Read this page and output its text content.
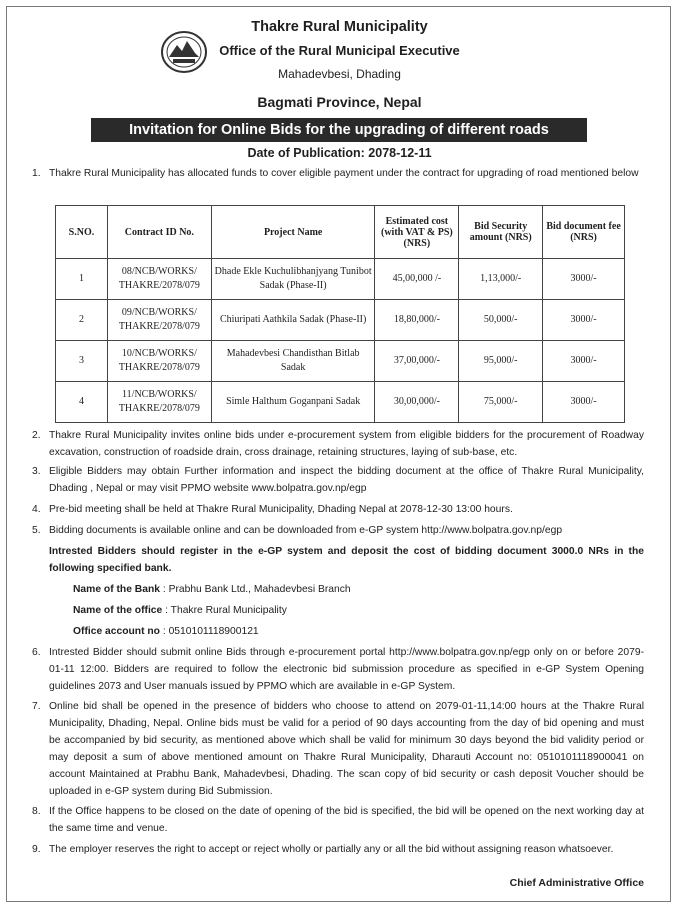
Thakre Rural Municipality
Office of the Rural Municipal Executive
Mahadevbesi, Dhading
Bagmati Province, Nepal
Invitation for Online Bids for the upgrading of different roads
Date of Publication: 2078-12-11
1. Thakre Rural Municipality has allocated funds to cover eligible payment under the contract for upgrading of road mentioned below
S.NO.	Contract ID No.	Project Name	Estimated cost (with VAT & PS) (NRS)	Bid Security amount (NRS)	Bid document fee (NRS)
1	08/NCB/WORKS/ THAKRE/2078/079	Dhade Ekle Kuchulibhanjyang Tunibot Sadak (Phase-II)	45,00,000 /-	1,13,000/-	3000/-
2	09/NCB/WORKS/ THAKRE/2078/079	Chiuripati Aathkila Sadak (Phase-II)	18,80,000/-	50,000/-	3000/-
3	10/NCB/WORKS/ THAKRE/2078/079	Mahadevbesi Chandisthan Bitlab Sadak	37,00,000/-	95,000/-	3000/-
4	11/NCB/WORKS/ THAKRE/2078/079	Simle Halthum Goganpani Sadak	30,00,000/-	75,000/-	3000/-
2. Thakre Rural Municipality invites online bids under e-procurement system from eligible bidders for the procurement of Roadway excavation, construction of roadside drain, cross drainage, retaining structures, laying of sub-base, etc.
3. Eligible Bidders may obtain Further information and inspect the bidding document at the office of Thakre Rural Municipality, Dhading , Nepal or may visit PPMO website www.bolpatra.gov.np/egp
4. Pre-bid meeting shall be held at Thakre Rural Municipality, Dhading Nepal at 2078-12-30 13:00 hours.
5. Bidding documents is available online and can be downloaded from e-GP system http://www.bolpatra.gov.np/egp
Intrested Bidders should register in the e-GP system and deposit the cost of bidding document 3000.0 NRs in the following specified bank.
Name of the Bank : Prabhu Bank Ltd., Mahadevbesi Branch
Name of the office : Thakre Rural Municipality
Office account no : 0510101118900121
6. Intrested Bidder should submit online Bids through e-procurement portal http://www.bolpatra.gov.np/egp only on or before 2079-01-11 12:00. Bidders are required to follow the electronic bid submission procedure as specified in e-GP System Opening guidelines 2073 and User manuals issued by PPMO which are available in e-GP System.
7. Online bid shall be opened in the presence of bidders who choose to attend on 2079-01-11,14:00 hours at the Thakre Rural Municipality, Dhading, Nepal. Online bids must be valid for a period of 90 days accounting from the day of bid opening and must be accompanied by bid security, as mentioned above which shall be valid for minimum 30 days beyond the bid validity period or may deposit a sum of above mentioned amount on Thakre Rural Municipality, Dharauti Account no: 051010111890004​1 on account Maintained at Prabhu Bank, Mahadevbesi, Dhading. The scan copy of bid security or cash deposit Voucher should be uploaded in e-GP system during Bid Submission.
8. If the Office happens to be closed on the date of opening of the bid is specified, the bid will be opened on the next working day at the same time and venue.
9. The employer reserves the right to accept or reject wholly or partially any or all the bid without assigning reason whatsoever.
Chief Administrative Office
